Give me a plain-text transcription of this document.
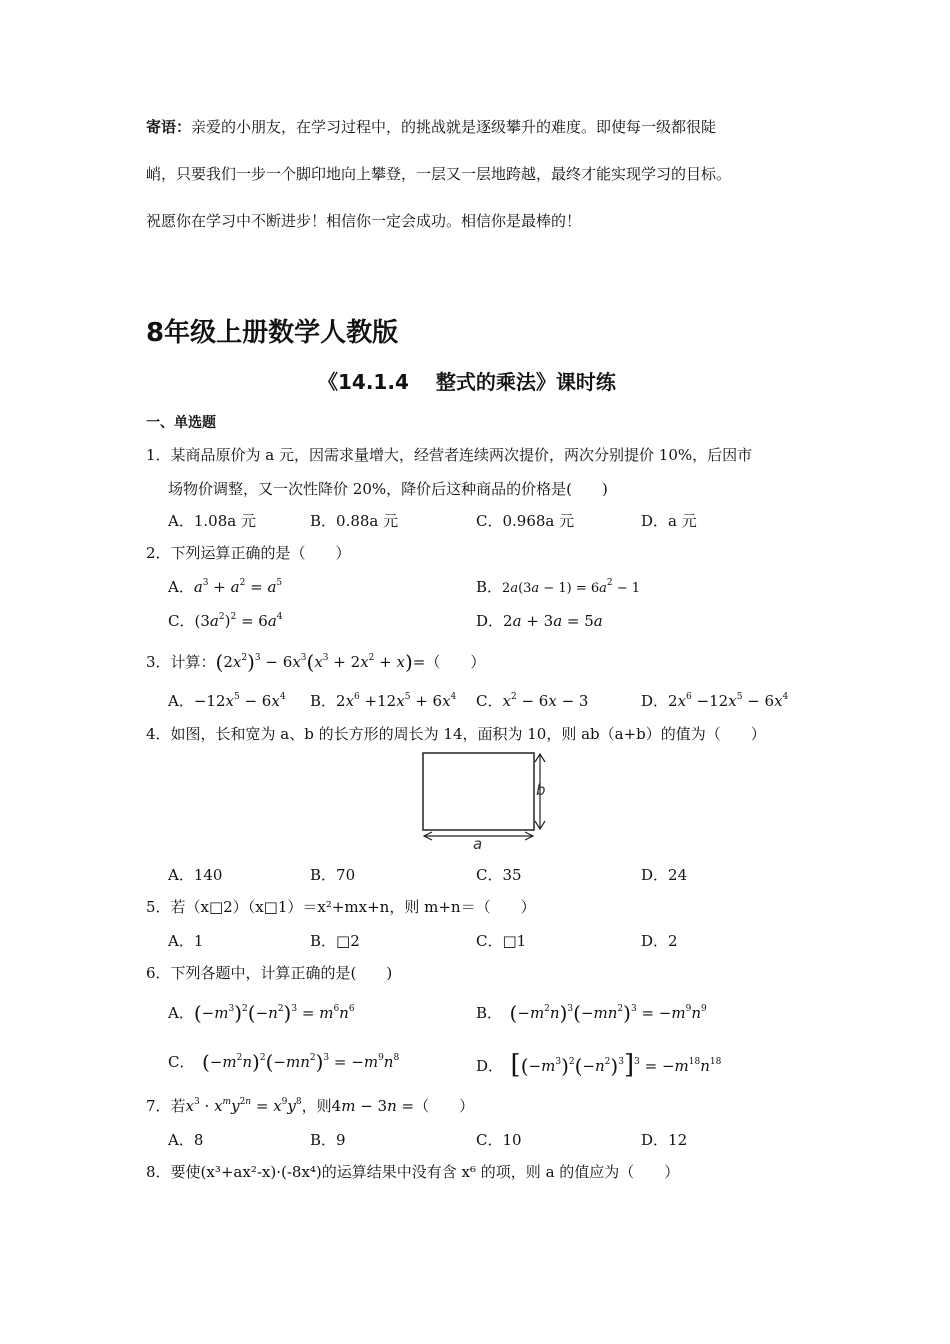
寄语：亲爱的小朋友，在学习过程中，的挑战就是逐级攀升的难度。即使每一级都很陡
峭，只要我们一步一个脚印地向上攀登，一层又一层地跨越，最终才能实现学习的目标。
祝愿你在学习中不断进步！相信你一定会成功。相信你是最棒的！
8年级上册数学人教版
《14.1.4　 整式的乘法》课时练
一、单选题
1．某商品原价为 a 元，因需求量增大，经营者连续两次提价，两次分别提价 10%，后因市
场物价调整，又一次性降价 20%，降价后这种商品的价格是(　　)
A．1.08a 元	B．0.88a 元	C．0.968a 元	D．a 元
2．下列运算正确的是（　　）
A．$a^3 + a^2 = a^5$	B．$2a(3a - 1) = 6a^2 - 1$
C．$(3a^2)^2 = 6a^4$	D．2a + 3a = 5a
3．计算：$(2x^2)^3 - 6x^3(x^3 + 2x^2 + x)=$（　　）
A．$-12x^5 - 6x^4$ B．$2x^6 +12x^5 + 6x^4$ C．$x^2 - 6x - 3$	D．$2x^6 -12x^5 - 6x^4$
4．如图，长和宽为 a、b 的长方形的周长为 14，面积为 10，则 ab（a+b）的值为（　　）
b
a
A．140	B．70	C．35	D．24
5．若（x□2）（x□1）＝x²+mx+n，则 m+n＝（　　）
A．1	B．□2	C．□1	D．2
6．下列各题中，计算正确的是(　　)
A．$(-m^3)^2(-n^2)^3 = m^6n^6$	B．　 $(-m^2n)^3(-mn^2)^3 = -m^9n^9$
C．　 $(-m^2n)^2(-mn^2)^3 = -m^9n^8$	D．　 $[(-m^3)^2(-n^2)^3]^3 = -m^{18}n^{18}$
7．若$x^3 \cdot x^my^{2n} = x^9y^8$，则4m − 3n =（　　）
A．8	B．9	C．10	D．12
8．要使(x³+ax²-x)·(-8x⁴)的运算结果中没有含 x⁶ 的项，则 a 的值应为（　　）
